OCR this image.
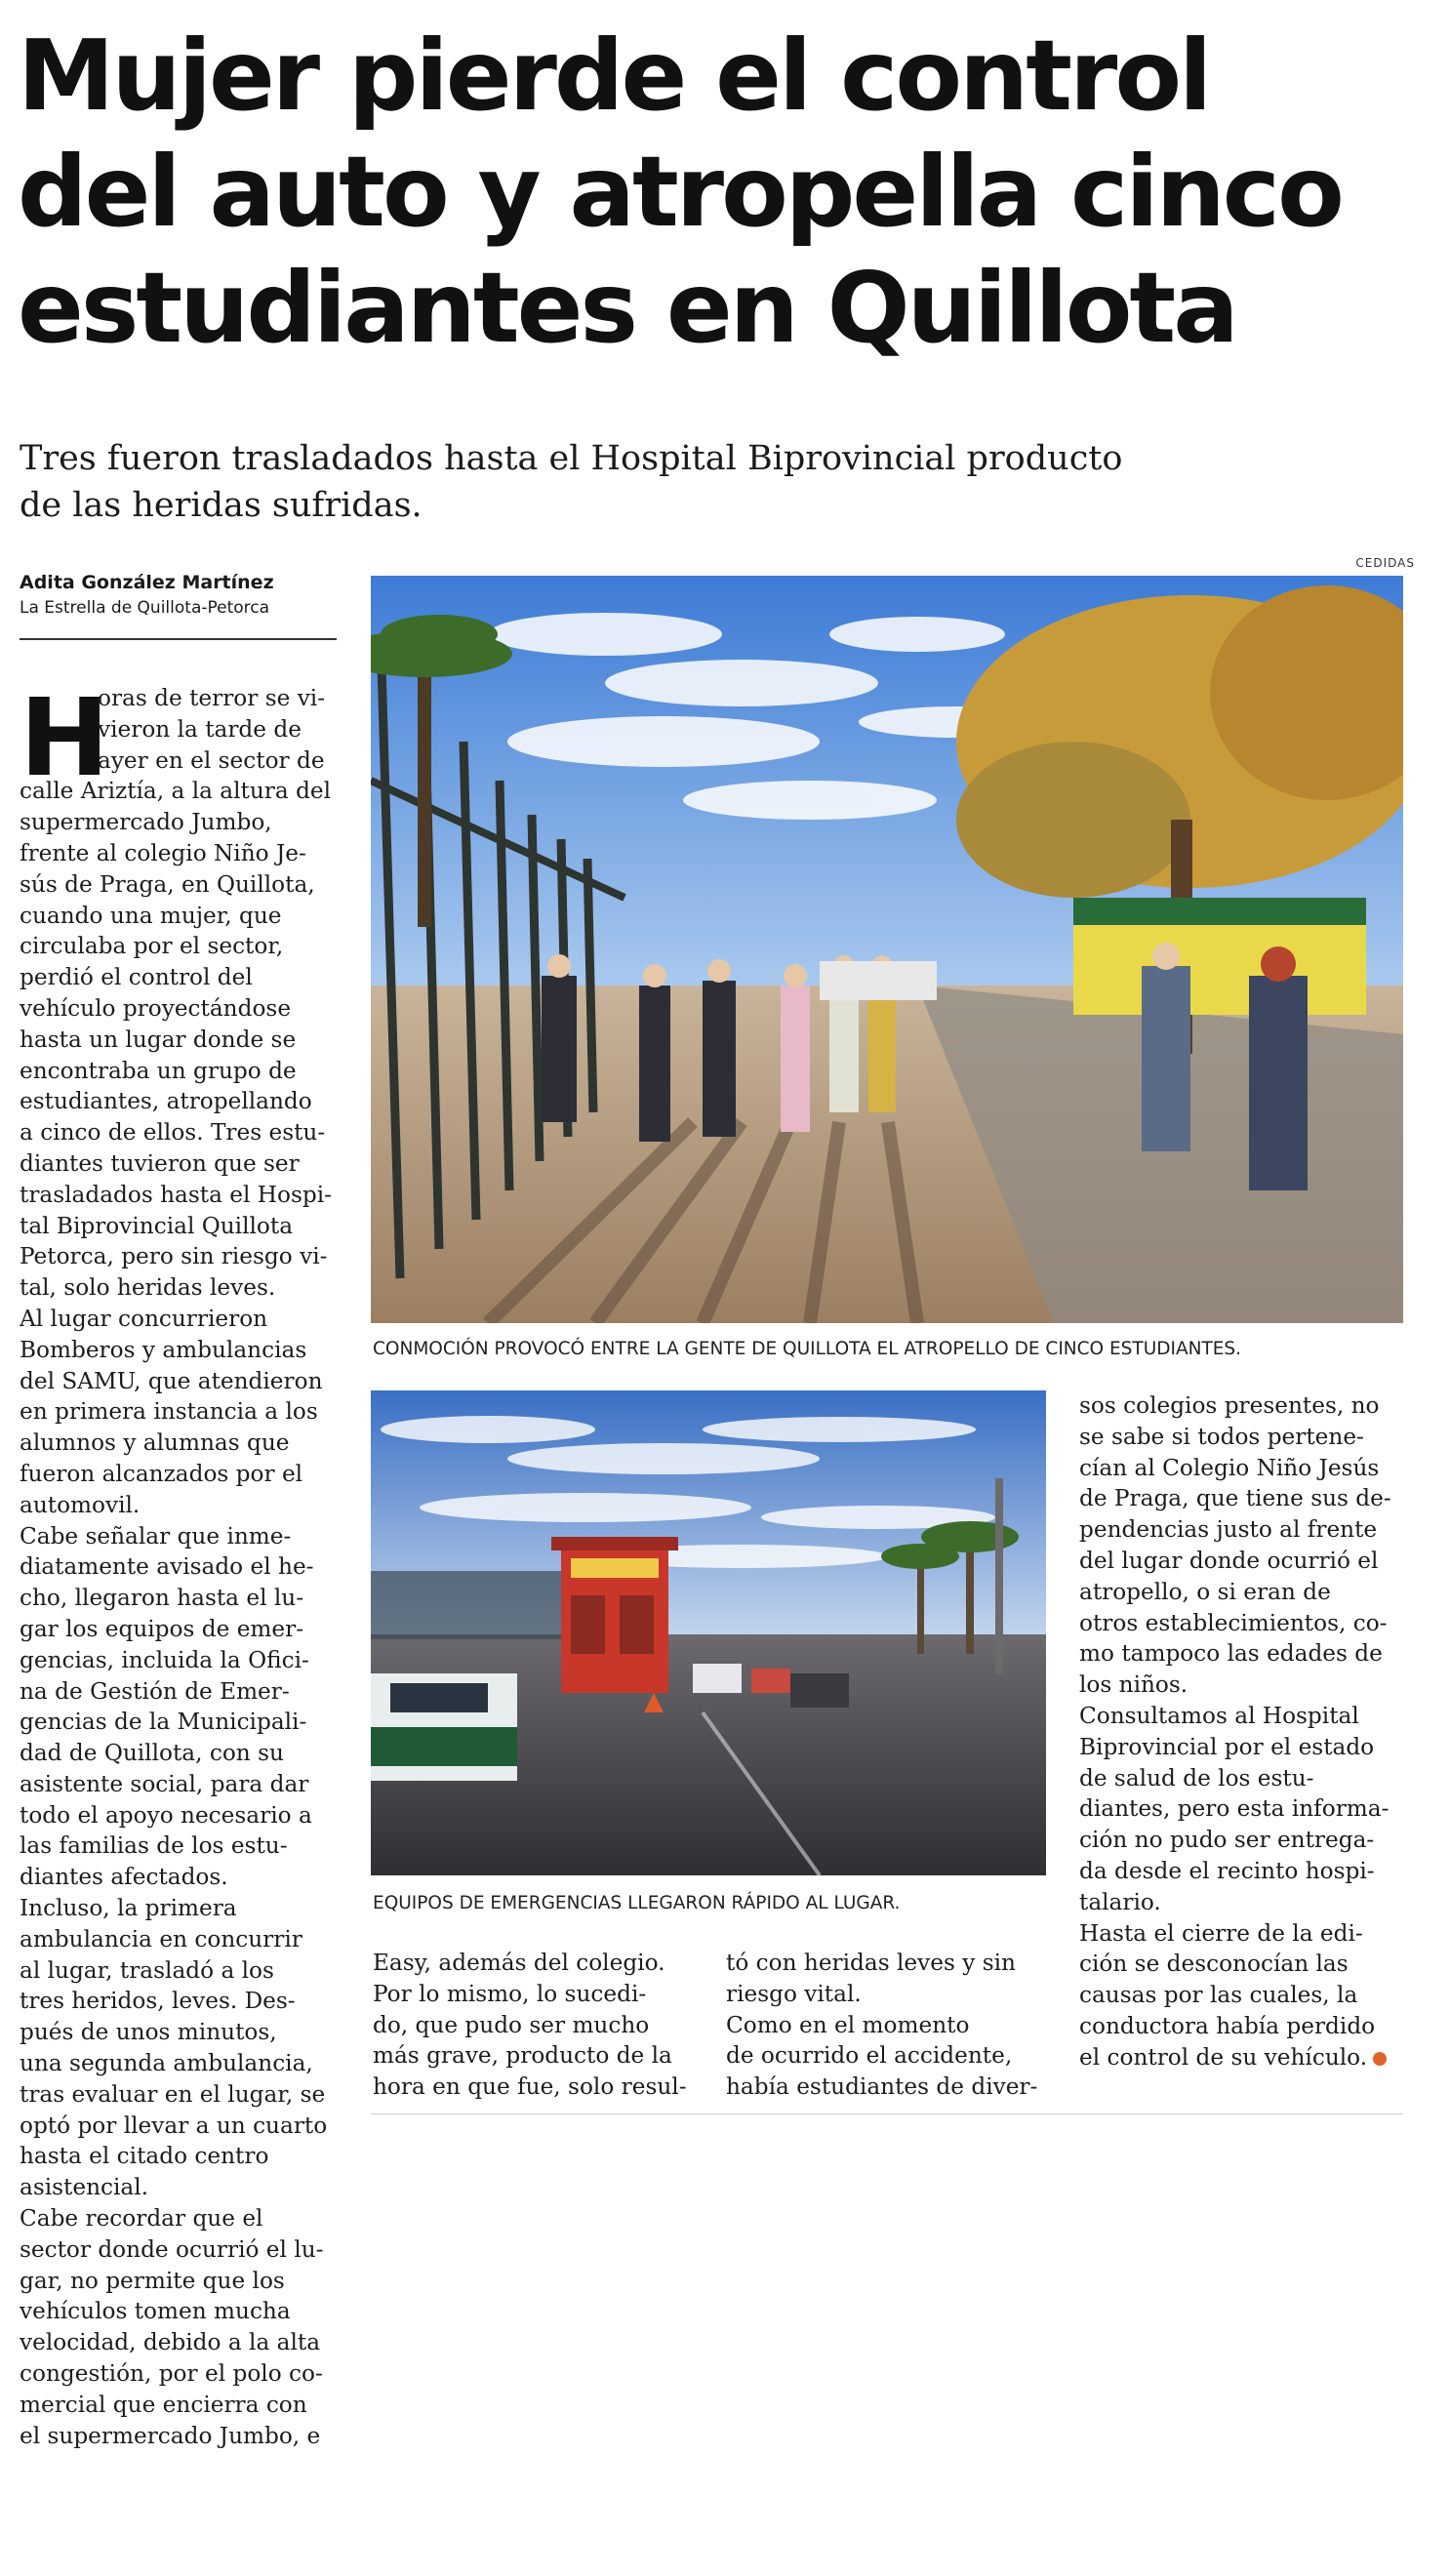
Mujer pierde el control
del auto y atropella cinco
estudiantes en Quillota
Tres fueron trasladados hasta el Hospital Biprovincial producto
de las heridas sufridas.
Adita González Martínez
La Estrella de Quillota-Petorca
CEDIDAS
CONMOCIÓN PROVOCÓ ENTRE LA GENTE DE QUILLOTA EL ATROPELLO DE CINCO ESTUDIANTES.
EQUIPOS DE EMERGENCIAS LLEGARON RÁPIDO AL LUGAR.
H
oras de terror se vi-
vieron la tarde de
ayer en el sector de
calle Ariztía, a la altura del
supermercado Jumbo,
frente al colegio Niño Je-
sús de Praga, en Quillota,
cuando una mujer, que
circulaba por el sector,
perdió el control del
vehículo proyectándose
hasta un lugar donde se
encontraba un grupo de
estudiantes, atropellando
a cinco de ellos. Tres estu-
diantes tuvieron que ser
trasladados hasta el Hospi-
tal Biprovincial Quillota
Petorca, pero sin riesgo vi-
tal, solo heridas leves.
Al lugar concurrieron
Bomberos y ambulancias
del SAMU, que atendieron
en primera instancia a los
alumnos y alumnas que
fueron alcanzados por el
automovil.
Cabe señalar que inme-
diatamente avisado el he-
cho, llegaron hasta el lu-
gar los equipos de emer-
gencias, incluida la Ofici-
na de Gestión de Emer-
gencias de la Municipali-
dad de Quillota, con su
asistente social, para dar
todo el apoyo necesario a
las familias de los estu-
diantes afectados.
Incluso, la primera
ambulancia en concurrir
al lugar, trasladó a los
tres heridos, leves. Des-
pués de unos minutos,
una segunda ambulancia,
tras evaluar en el lugar, se
optó por llevar a un cuarto
hasta el citado centro
asistencial.
Cabe recordar que el
sector donde ocurrió el lu-
gar, no permite que los
vehículos tomen mucha
velocidad, debido a la alta
congestión, por el polo co-
mercial que encierra con
el supermercado Jumbo, e
Easy, además del colegio.
Por lo mismo, lo sucedi-
do, que pudo ser mucho
más grave, producto de la
hora en que fue, solo resul-
tó con heridas leves y sin
riesgo vital.
Como en el momento
de ocurrido el accidente,
había estudiantes de diver-
sos colegios presentes, no
se sabe si todos pertene-
cían al Colegio Niño Jesús
de Praga, que tiene sus de-
pendencias justo al frente
del lugar donde ocurrió el
atropello, o si eran de
otros establecimientos, co-
mo tampoco las edades de
los niños.
Consultamos al Hospital
Biprovincial por el estado
de salud de los estu-
diantes, pero esta informa-
ción no pudo ser entrega-
da desde el recinto hospi-
talario.
Hasta el cierre de la edi-
ción se desconocían las
causas por las cuales, la
conductora había perdido
el control de su vehículo.
